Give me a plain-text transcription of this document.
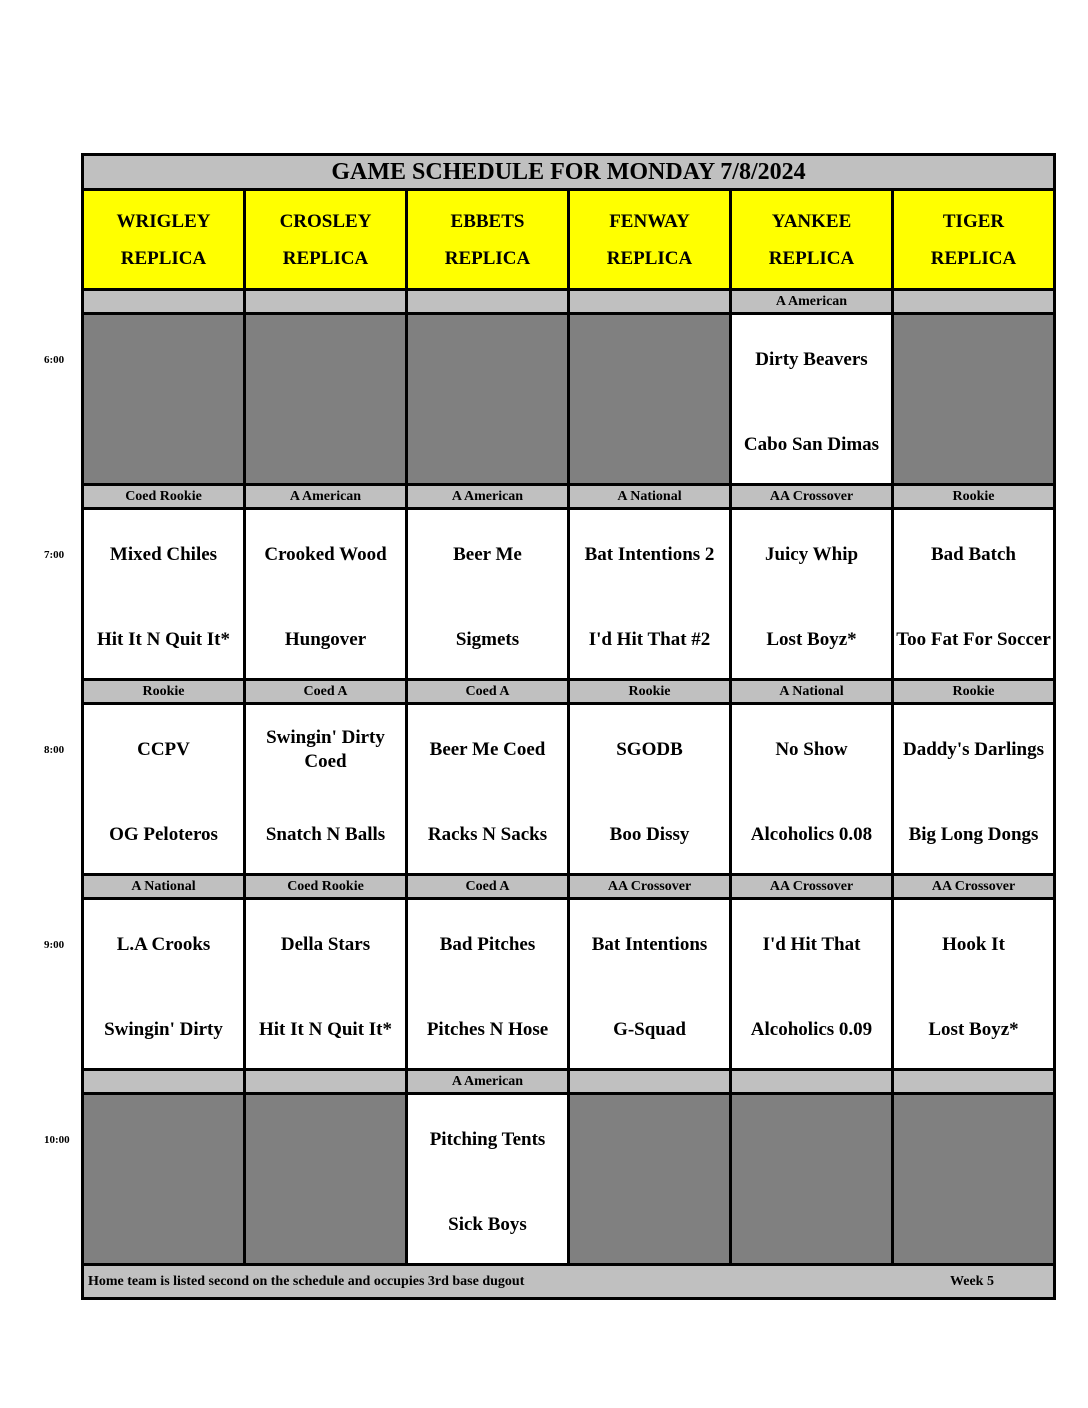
GAME SCHEDULE FOR MONDAY 7/8/2024
WRIGLEY
REPLICA
CROSLEY
REPLICA
EBBETS
REPLICA
FENWAY
REPLICA
YANKEE
REPLICA
TIGER
REPLICA
A American
Dirty Beavers
Cabo San Dimas
Coed Rookie
Mixed Chiles
Hit It N Quit It*
A American
Crooked Wood
Hungover
A American
Beer Me
Sigmets
A National
Bat Intentions 2
I'd Hit That #2
AA Crossover
Juicy Whip
Lost Boyz*
Rookie
Bad Batch
Too Fat For Soccer
Rookie
CCPV
OG Peloteros
Coed A
Swingin' Dirty Coed
Snatch N Balls
Coed A
Beer Me Coed
Racks N Sacks
Rookie
SGODB
Boo Dissy
A National
No Show
Alcoholics 0.08
Rookie
Daddy's Darlings
Big Long Dongs
A National
L.A Crooks
Swingin' Dirty
Coed Rookie
Della Stars
Hit It N Quit It*
Coed A
Bad Pitches
Pitches N Hose
AA Crossover
Bat Intentions
G-Squad
AA Crossover
I'd Hit That
Alcoholics 0.09
AA Crossover
Hook It
Lost Boyz*
A American
Pitching Tents
Sick Boys
Home team is listed second on the schedule and occupies 3rd base dugout	Week 5
6:00
7:00
8:00
9:00
10:00
